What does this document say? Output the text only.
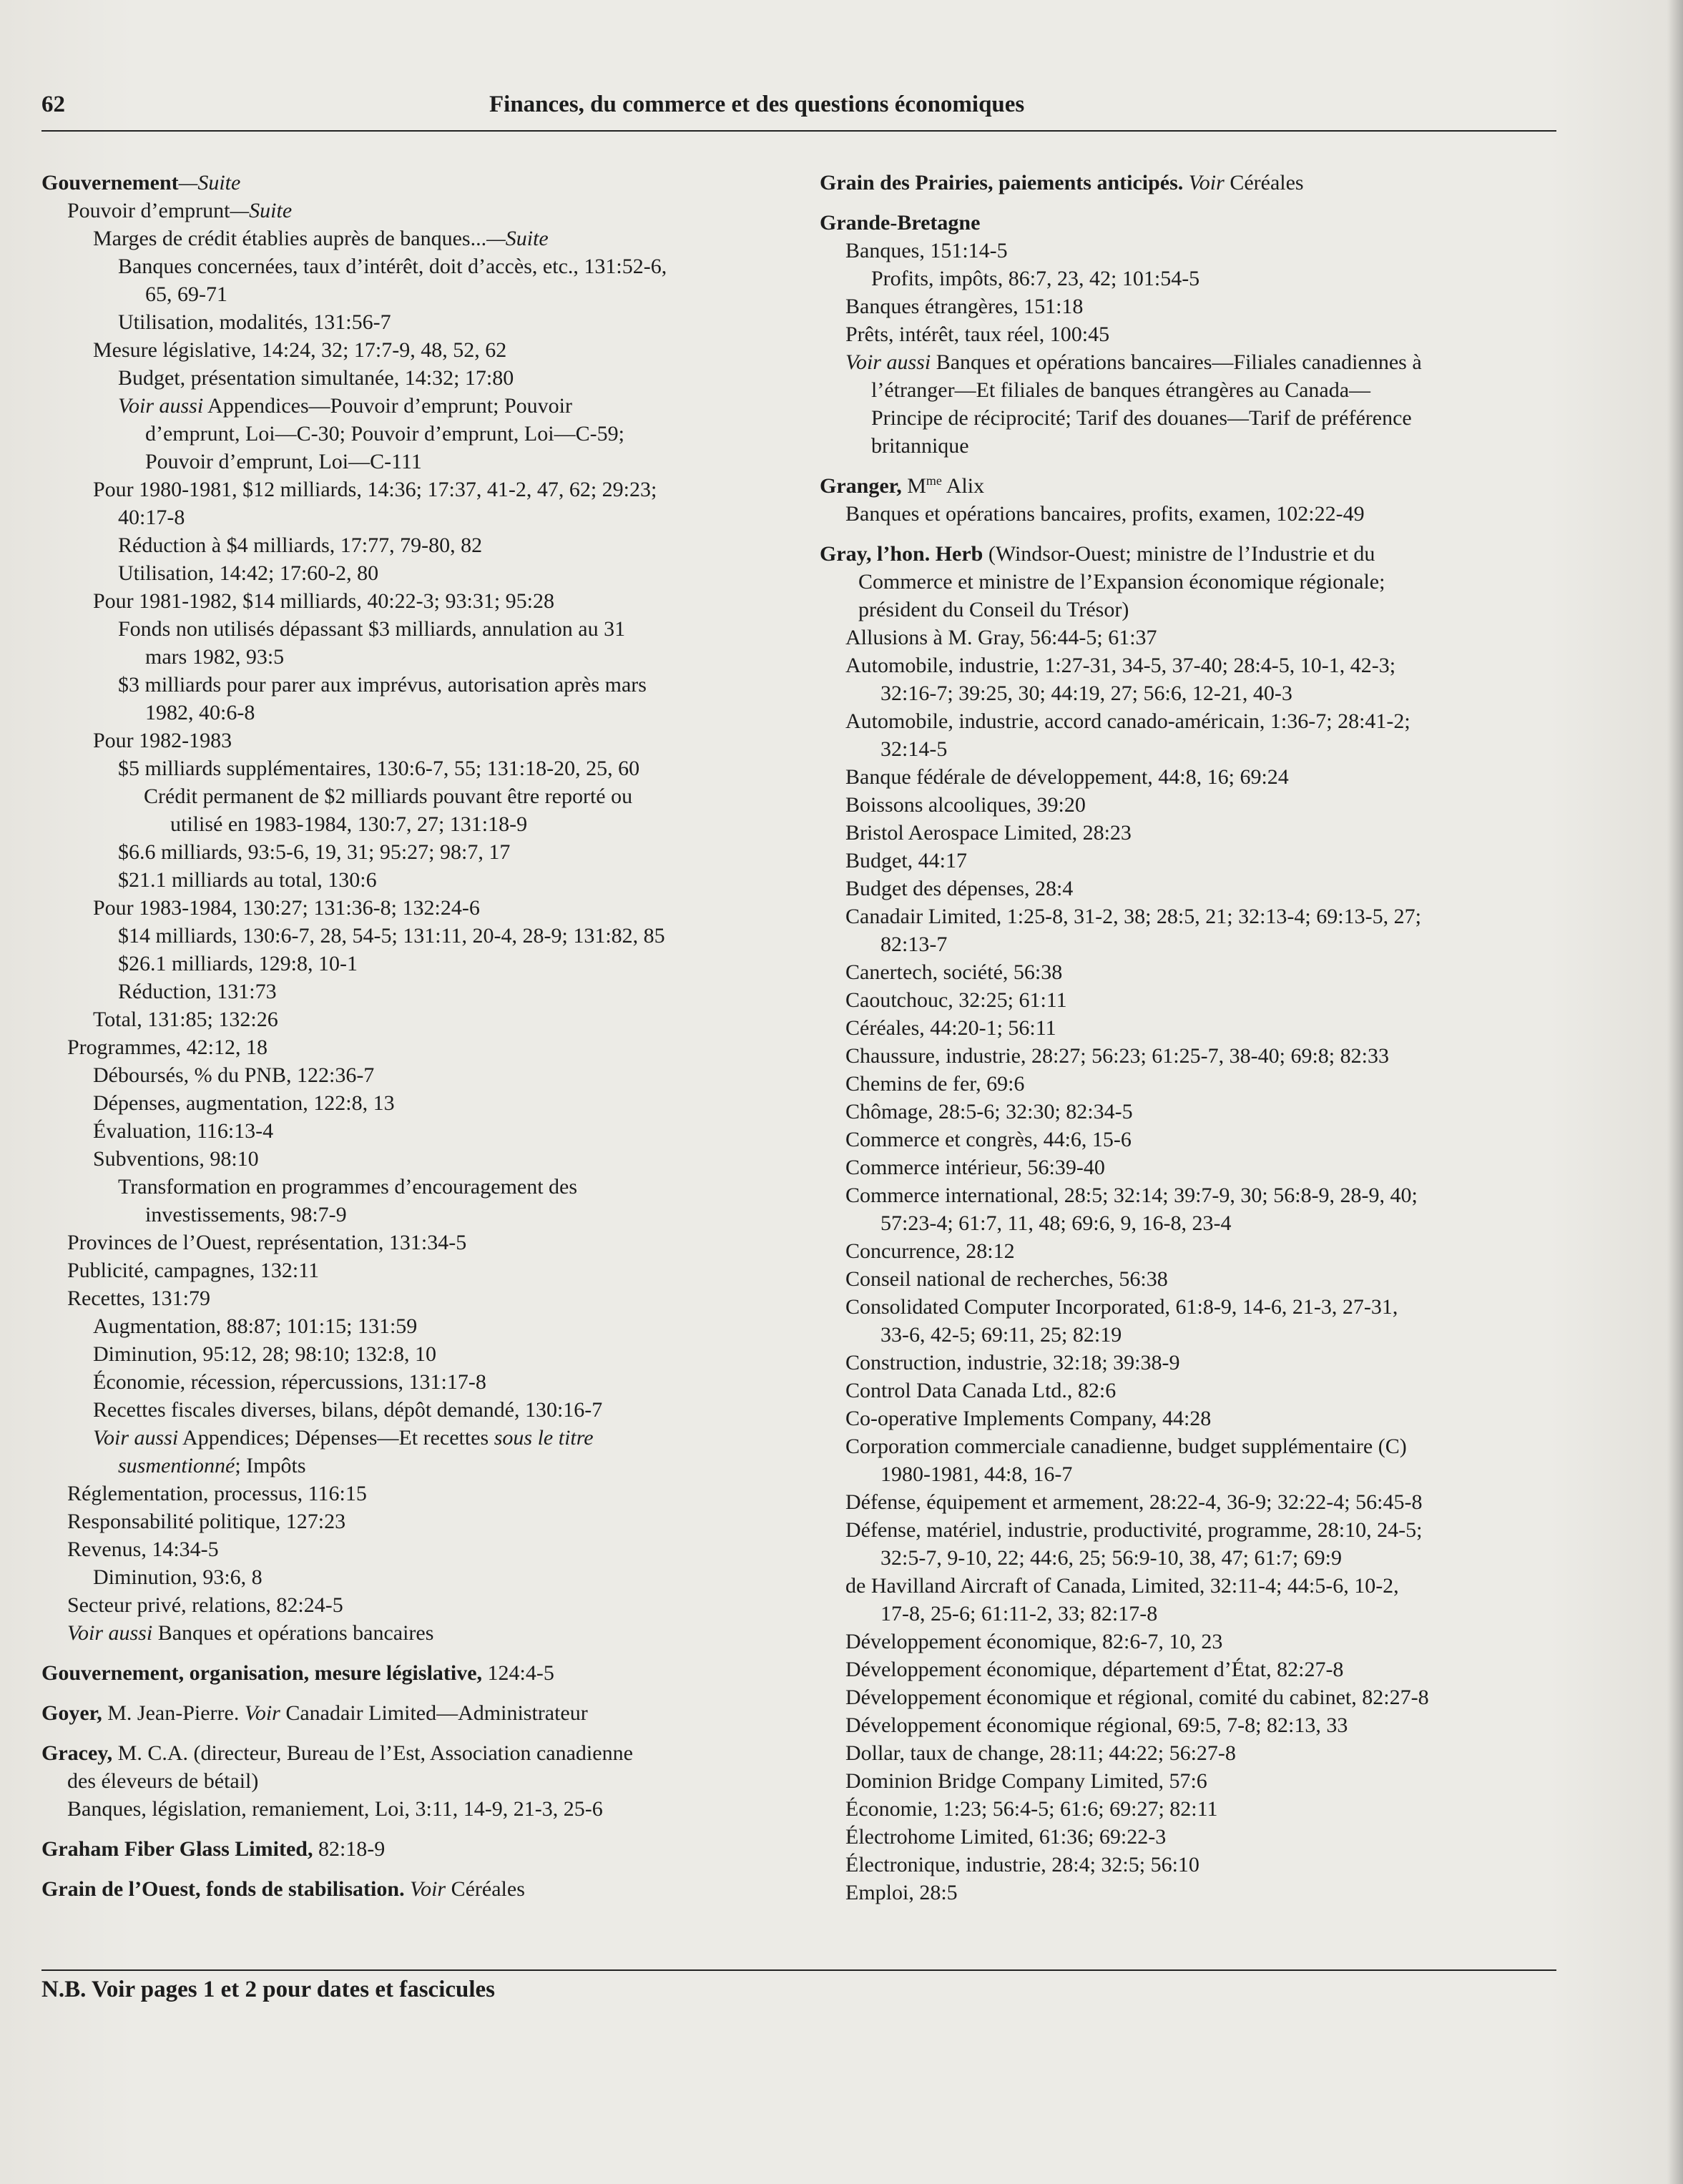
62	Finances, du commerce et des questions économiques
Gouvernement—Suite
Pouvoir d’emprunt—Suite
Marges de crédit établies auprès de banques...—Suite
Banques concernées, taux d’intérêt, doit d’accès, etc., 131:52-6,
65, 69-71
Utilisation, modalités, 131:56-7
Mesure législative, 14:24, 32; 17:7-9, 48, 52, 62
Budget, présentation simultanée, 14:32; 17:80
Voir aussi Appendices—Pouvoir d’emprunt; Pouvoir
d’emprunt, Loi—C-30; Pouvoir d’emprunt, Loi—C-59;
Pouvoir d’emprunt, Loi—C-111
Pour 1980-1981, $12 milliards, 14:36; 17:37, 41-2, 47, 62; 29:23;
40:17-8
Réduction à $4 milliards, 17:77, 79-80, 82
Utilisation, 14:42; 17:60-2, 80
Pour 1981-1982, $14 milliards, 40:22-3; 93:31; 95:28
Fonds non utilisés dépassant $3 milliards, annulation au 31
mars 1982, 93:5
$3 milliards pour parer aux imprévus, autorisation après mars
1982, 40:6-8
Pour 1982-1983
$5 milliards supplémentaires, 130:6-7, 55; 131:18-20, 25, 60
Crédit permanent de $2 milliards pouvant être reporté ou
utilisé en 1983-1984, 130:7, 27; 131:18-9
$6.6 milliards, 93:5-6, 19, 31; 95:27; 98:7, 17
$21.1 milliards au total, 130:6
Pour 1983-1984, 130:27; 131:36-8; 132:24-6
$14 milliards, 130:6-7, 28, 54-5; 131:11, 20-4, 28-9; 131:82, 85
$26.1 milliards, 129:8, 10-1
Réduction, 131:73
Total, 131:85; 132:26
Programmes, 42:12, 18
Déboursés, % du PNB, 122:36-7
Dépenses, augmentation, 122:8, 13
Évaluation, 116:13-4
Subventions, 98:10
Transformation en programmes d’encouragement des
investissements, 98:7-9
Provinces de l’Ouest, représentation, 131:34-5
Publicité, campagnes, 132:11
Recettes, 131:79
Augmentation, 88:87; 101:15; 131:59
Diminution, 95:12, 28; 98:10; 132:8, 10
Économie, récession, répercussions, 131:17-8
Recettes fiscales diverses, bilans, dépôt demandé, 130:16-7
Voir aussi Appendices; Dépenses—Et recettes sous le titre
susmentionné; Impôts
Réglementation, processus, 116:15
Responsabilité politique, 127:23
Revenus, 14:34-5
Diminution, 93:6, 8
Secteur privé, relations, 82:24-5
Voir aussi Banques et opérations bancaires
Gouvernement, organisation, mesure législative, 124:4-5
Goyer, M. Jean-Pierre. Voir Canadair Limited—Administrateur
Gracey, M. C.A. (directeur, Bureau de l’Est, Association canadienne
des éleveurs de bétail)
Banques, législation, remaniement, Loi, 3:11, 14-9, 21-3, 25-6
Graham Fiber Glass Limited, 82:18-9
Grain de l’Ouest, fonds de stabilisation. Voir Céréales
Grain des Prairies, paiements anticipés. Voir Céréales
Grande-Bretagne
Banques, 151:14-5
Profits, impôts, 86:7, 23, 42; 101:54-5
Banques étrangères, 151:18
Prêts, intérêt, taux réel, 100:45
Voir aussi Banques et opérations bancaires—Filiales canadiennes à
l’étranger—Et filiales de banques étrangères au Canada—
Principe de réciprocité; Tarif des douanes—Tarif de préférence
britannique
Granger, $M^{me}$ Alix
Banques et opérations bancaires, profits, examen, 102:22-49
Gray, l’hon. Herb (Windsor-Ouest; ministre de l’Industrie et du
Commerce et ministre de l’Expansion économique régionale;
président du Conseil du Trésor)
Allusions à M. Gray, 56:44-5; 61:37
Automobile, industrie, 1:27-31, 34-5, 37-40; 28:4-5, 10-1, 42-3;
32:16-7; 39:25, 30; 44:19, 27; 56:6, 12-21, 40-3
Automobile, industrie, accord canado-américain, 1:36-7; 28:41-2;
32:14-5
Banque fédérale de développement, 44:8, 16; 69:24
Boissons alcooliques, 39:20
Bristol Aerospace Limited, 28:23
Budget, 44:17
Budget des dépenses, 28:4
Canadair Limited, 1:25-8, 31-2, 38; 28:5, 21; 32:13-4; 69:13-5, 27;
82:13-7
Canertech, société, 56:38
Caoutchouc, 32:25; 61:11
Céréales, 44:20-1; 56:11
Chaussure, industrie, 28:27; 56:23; 61:25-7, 38-40; 69:8; 82:33
Chemins de fer, 69:6
Chômage, 28:5-6; 32:30; 82:34-5
Commerce et congrès, 44:6, 15-6
Commerce intérieur, 56:39-40
Commerce international, 28:5; 32:14; 39:7-9, 30; 56:8-9, 28-9, 40;
57:23-4; 61:7, 11, 48; 69:6, 9, 16-8, 23-4
Concurrence, 28:12
Conseil national de recherches, 56:38
Consolidated Computer Incorporated, 61:8-9, 14-6, 21-3, 27-31,
33-6, 42-5; 69:11, 25; 82:19
Construction, industrie, 32:18; 39:38-9
Control Data Canada Ltd., 82:6
Co-operative Implements Company, 44:28
Corporation commerciale canadienne, budget supplémentaire (C)
1980-1981, 44:8, 16-7
Défense, équipement et armement, 28:22-4, 36-9; 32:22-4; 56:45-8
Défense, matériel, industrie, productivité, programme, 28:10, 24-5;
32:5-7, 9-10, 22; 44:6, 25; 56:9-10, 38, 47; 61:7; 69:9
de Havilland Aircraft of Canada, Limited, 32:11-4; 44:5-6, 10-2,
17-8, 25-6; 61:11-2, 33; 82:17-8
Développement économique, 82:6-7, 10, 23
Développement économique, département d’État, 82:27-8
Développement économique et régional, comité du cabinet, 82:27-8
Développement économique régional, 69:5, 7-8; 82:13, 33
Dollar, taux de change, 28:11; 44:22; 56:27-8
Dominion Bridge Company Limited, 57:6
Économie, 1:23; 56:4-5; 61:6; 69:27; 82:11
Électrohome Limited, 61:36; 69:22-3
Électronique, industrie, 28:4; 32:5; 56:10
Emploi, 28:5
N.B. Voir pages 1 et 2 pour dates et fascicules
